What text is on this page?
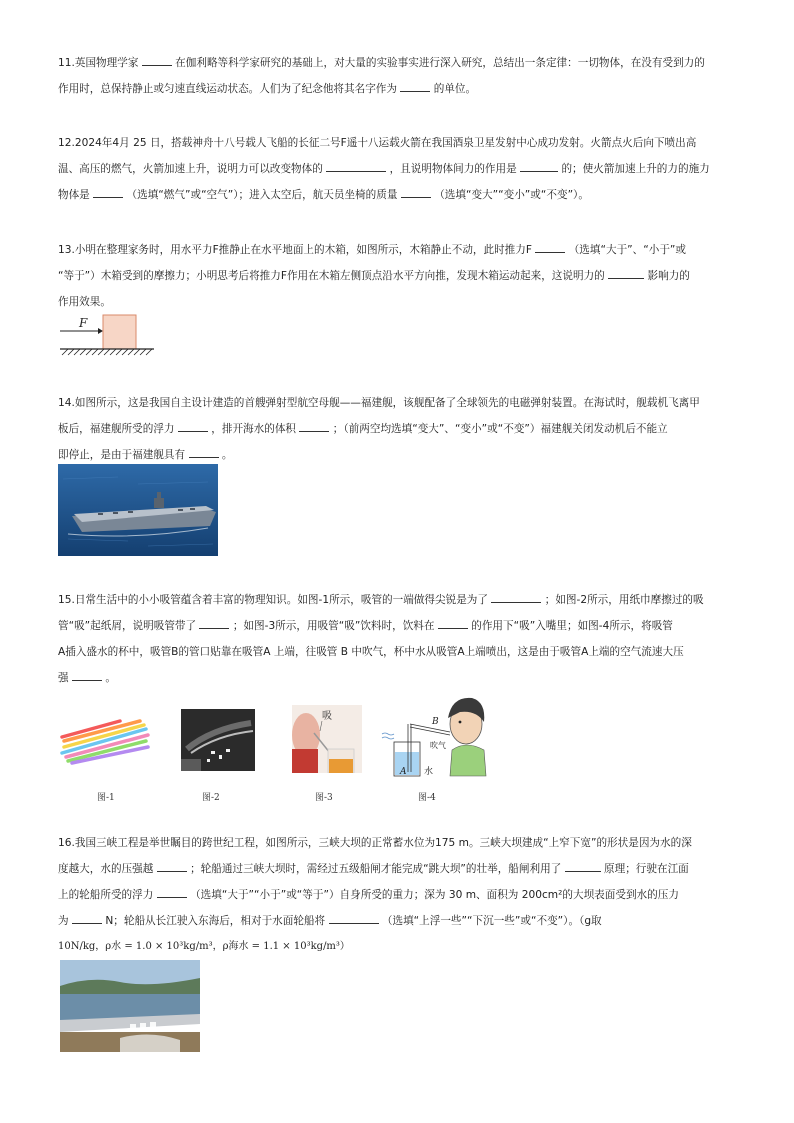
11.英国物理学家	在伽利略等科学家研究的基础上，对大量的实验事实进行深入研究，总结出一条定律：一切物体，在没有受到力的

作用时，总保持静止或匀速直线运动状态。人们为了纪念他将其名字作为	的单位。

12.2024年4月 25 日，搭载神舟十八号载人飞船的长征二号F遥十八运载火箭在我国酒泉卫星发射中心成功发射。火箭点火后向下喷出高

温、高压的燃气，火箭加速上升，说明力可以改变物体的	，且说明物体间力的作用是	的；使火箭加速上升的力的施力

物体是	（选填“燃气”或“空气”）；进入太空后，航天员坐椅的质量	（选填“变大”“变小”或“不变”）。

13.小明在整理家务时，用水平力F推静止在水平地面上的木箱，如图所示，木箱静止不动，此时推力F	（选填“大于”、“小于”或

“等于”）木箱受到的摩擦力；小明思考后将推力F作用在木箱左侧顶点沿水平方向推，发现木箱运动起来，这说明力的	影响力的

作用效果。

F

14.如图所示，这是我国自主设计建造的首艘弹射型航空母舰——福建舰，该舰配备了全球领先的电磁弹射装置。在海试时，舰载机飞离甲

板后，福建舰所受的浮力	，排开海水的体积	；（前两空均选填“变大”、“变小”或“不变”）福建舰关闭发动机后不能立

即停止，是由于福建舰具有	。

15.日常生活中的小小吸管蕴含着丰富的物理知识。如图-1所示，吸管的一端做得尖锐是为了	；如图-2所示，用纸巾摩擦过的吸

管“吸”起纸屑，说明吸管带了	；如图-3所示，用吸管“吸”饮料时，饮料在	的作用下“吸”入嘴里；如图-4所示，将吸管

A插入盛水的杯中，吸管B的管口贴靠在吸管A 上端，往吸管 B 中吹气，杯中水从吸管A上端喷出，这是由于吸管A上端的空气流速大压

强	。

图-1	图-2
吸
图-3
B
吹气
A 水
图-4

16.我国三峡工程是举世瞩目的跨世纪工程，如图所示，三峡大坝的正常蓄水位为175 m。三峡大坝建成“上窄下宽”的形状是因为水的深

度越大，水的压强越	；轮船通过三峡大坝时，需经过五级船闸才能完成“跳大坝”的壮举，船闸利用了	原理；行驶在江面

上的轮船所受的浮力	（选填“大于”“小于”或“等于”）自身所受的重力；深为 30 m、面积为 200cm²的大坝表面受到水的压力

为	N；轮船从长江驶入东海后，相对于水面轮船将	（选填“上浮一些”“下沉一些”或“不变”）。（g取

10N/kg，ρ水 = 1.0 × 10³kg/m³，ρ海水 = 1.1 × 10³kg/m³）
